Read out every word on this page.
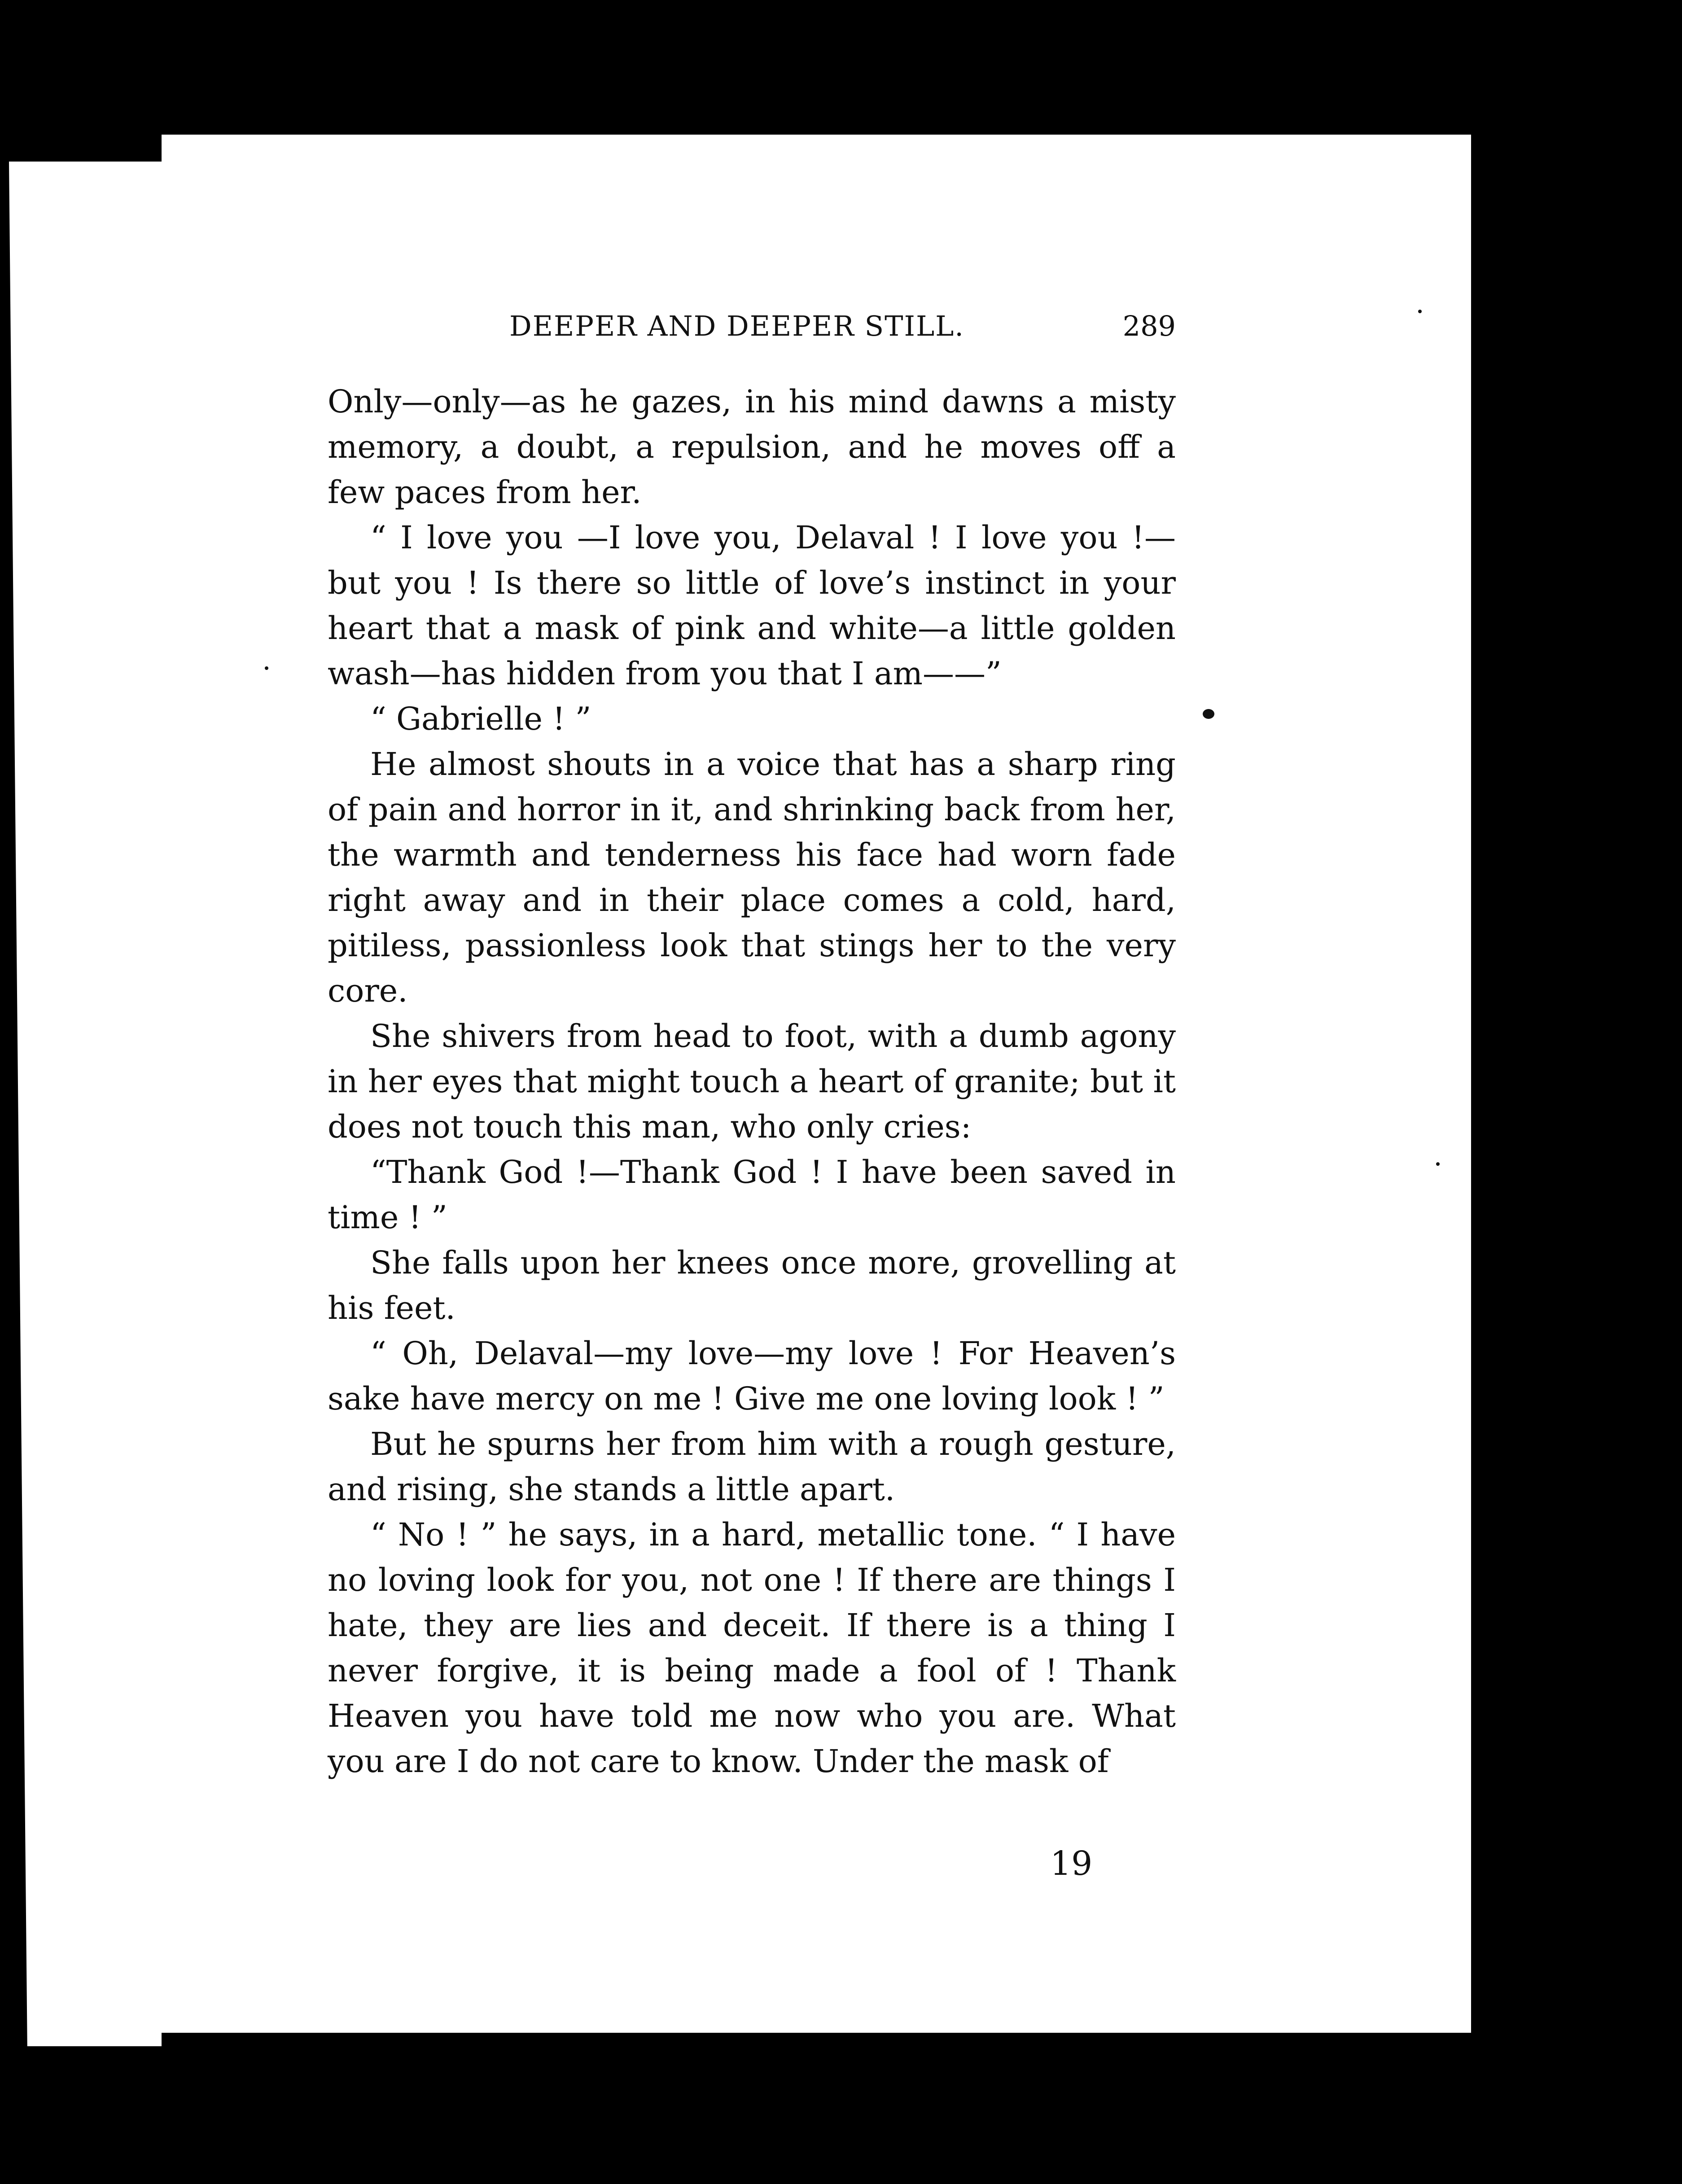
DEEPER AND DEEPER STILL.	289

Only—only—as he gazes, in his mind dawns a misty memory, a doubt, a repulsion, and he moves off a few paces from her.

“ I love you —I love you, Delaval ! I love you !—but you ! Is there so little of love’s instinct in your heart that a mask of pink and white—a little golden wash—has hidden from you that I am——”

“ Gabrielle ! ”

He almost shouts in a voice that has a sharp ring of pain and horror in it, and shrinking back from her, the warmth and tenderness his face had worn fade right away and in their place comes a cold, hard, pitiless, passionless look that stings her to the very core.

She shivers from head to foot, with a dumb agony in her eyes that might touch a heart of granite; but it does not touch this man, who only cries:

“Thank God !—Thank God ! I have been saved in time ! ”

She falls upon her knees once more, grovelling at his feet.

“ Oh, Delaval—my love—my love ! For Heaven’s sake have mercy on me ! Give me one loving look ! ”

But he spurns her from him with a rough gesture, and rising, she stands a little apart.

“ No ! ” he says, in a hard, metallic tone. “ I have no loving look for you, not one ! If there are things I hate, they are lies and deceit. If there is a thing I never forgive, it is being made a fool of ! Thank Heaven you have told me now who you are. What you are I do not care to know. Under the mask of

19
